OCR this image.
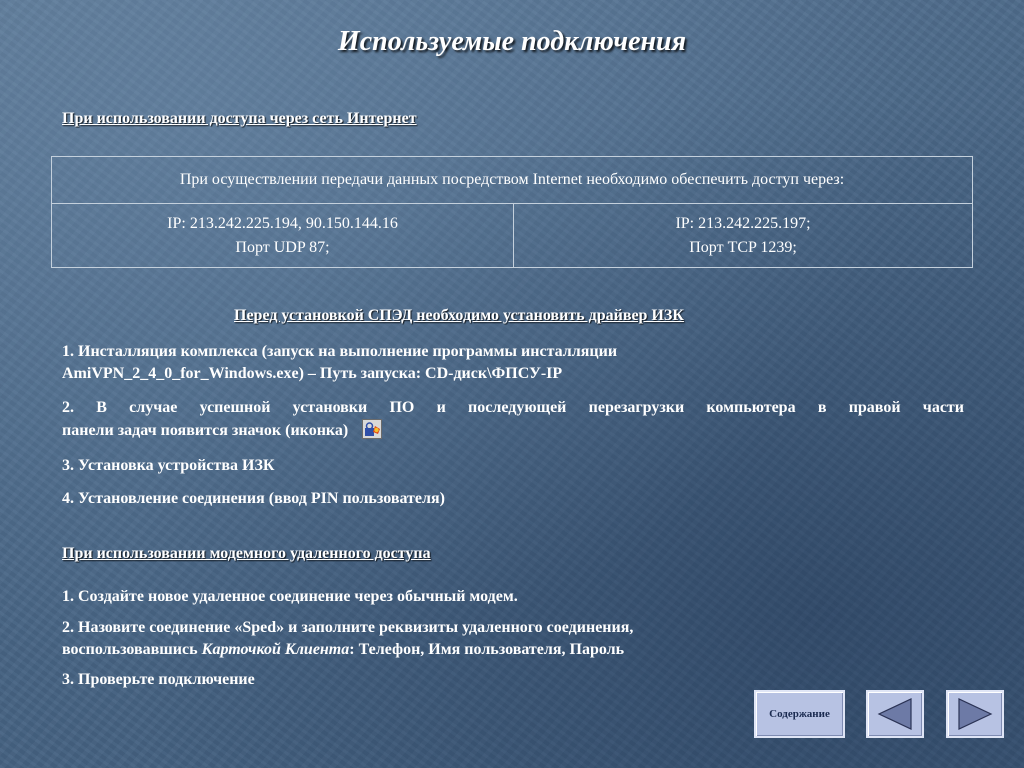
Используемые подключения
При использовании доступа через сеть Интернет
При осуществлении передачи данных посредством Internet необходимо обеспечить доступ через:

IP: 213.242.225.194, 90.150.144.16
Порт UDP 87;

IP: 213.242.225.197;
Порт TCP 1239;
Перед установкой СПЭД необходимо установить драйвер ИЗК
1. Инсталляция комплекса (запуск на выполнение программы инсталляции
AmiVPN_2_4_0_for_Windows.exe) – Путь запуска: CD-диск\ФПСУ-IP
2. В случае успешной установки ПО и последующей перезагрузки компьютера в правой части
панели задач появится значок (иконка)
3. Установка устройства ИЗК
4. Установление соединения (ввод PIN пользователя)
При использовании модемного удаленного доступа
1. Создайте новое удаленное соединение через обычный модем.
2. Назовите соединение «Sped» и заполните реквизиты удаленного соединения,
воспользовавшись Карточкой Клиента: Телефон, Имя пользователя, Пароль
3. Проверьте подключение
Содержание
